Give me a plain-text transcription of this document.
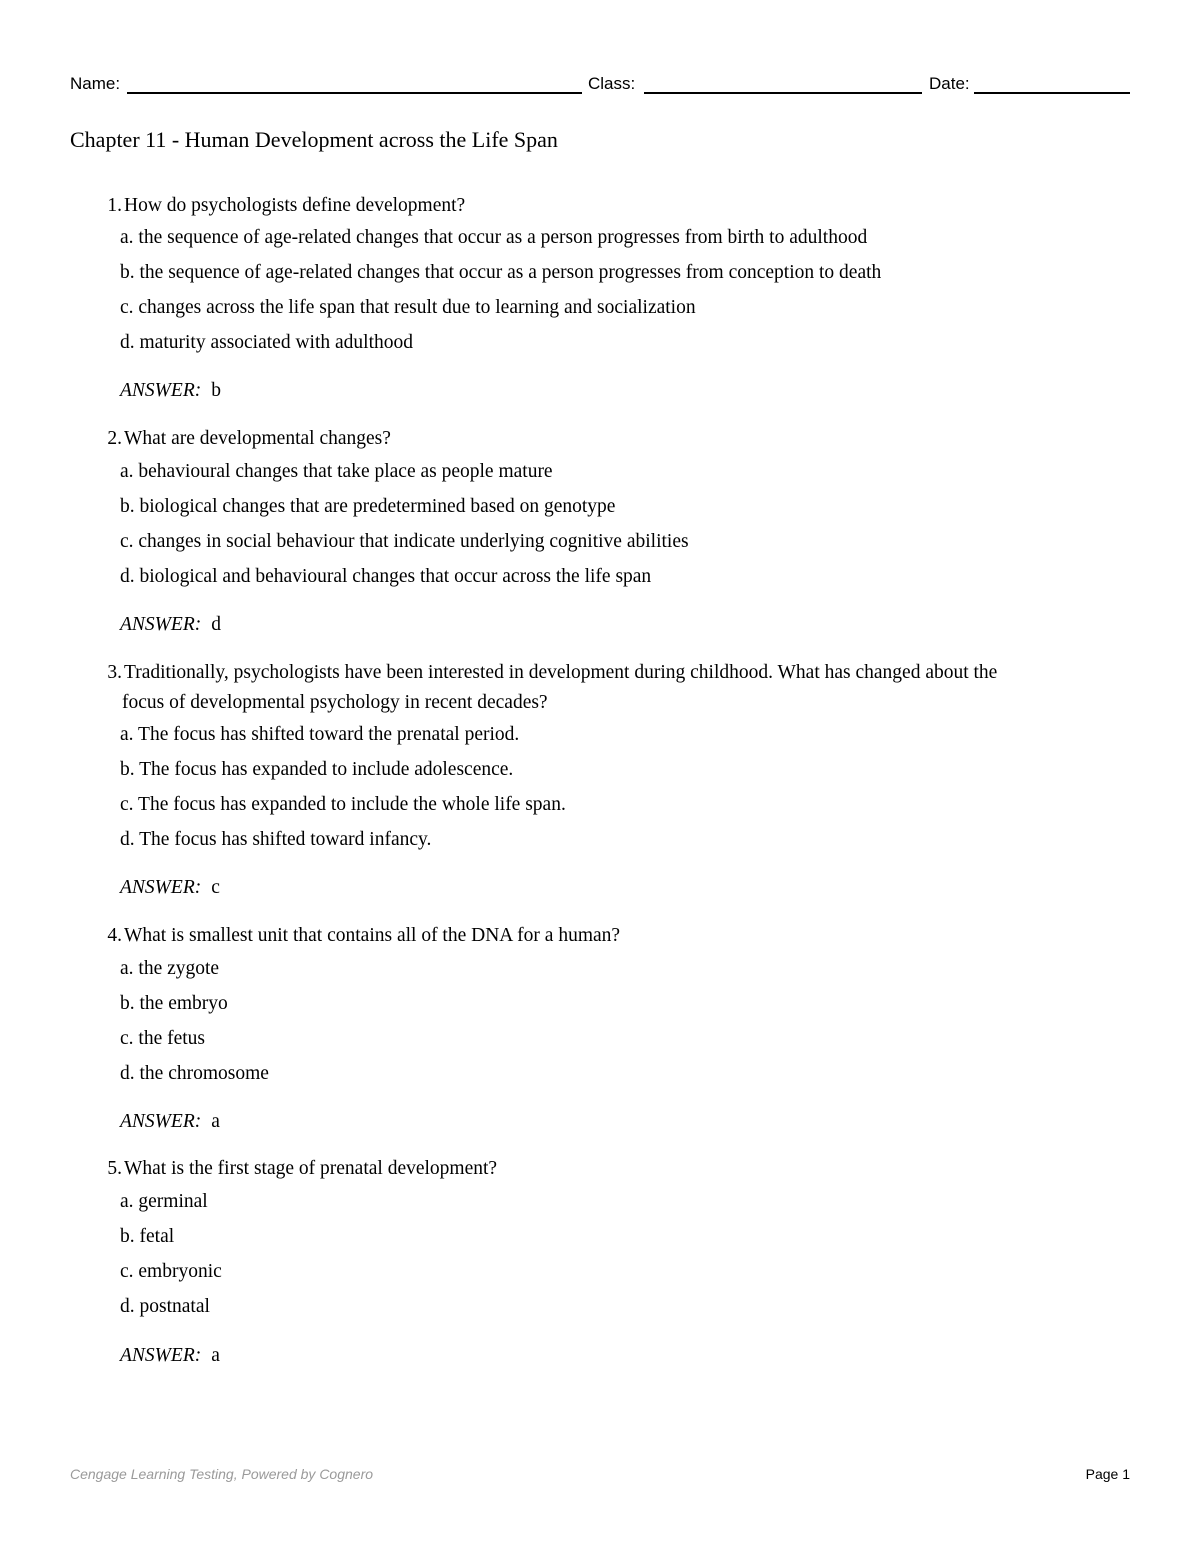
Name:	Class:	Date:
Chapter 11 - Human Development across the Life Span
1. How do psychologists define development?
a. the sequence of age-related changes that occur as a person progresses from birth to adulthood
b. the sequence of age-related changes that occur as a person progresses from conception to death
c. changes across the life span that result due to learning and socialization
d. maturity associated with adulthood
ANSWER: b
2. What are developmental changes?
a. behavioural changes that take place as people mature
b. biological changes that are predetermined based on genotype
c. changes in social behaviour that indicate underlying cognitive abilities
d. biological and behavioural changes that occur across the life span
ANSWER: d
3. Traditionally, psychologists have been interested in development during childhood. What has changed about the
focus of developmental psychology in recent decades?
a. The focus has shifted toward the prenatal period.
b. The focus has expanded to include adolescence.
c. The focus has expanded to include the whole life span.
d. The focus has shifted toward infancy.
ANSWER: c
4. What is smallest unit that contains all of the DNA for a human?
a. the zygote
b. the embryo
c. the fetus
d. the chromosome
ANSWER: a
5. What is the first stage of prenatal development?
a. germinal
b. fetal
c. embryonic
d. postnatal
ANSWER: a
Cengage Learning Testing, Powered by Cognero	Page 1
